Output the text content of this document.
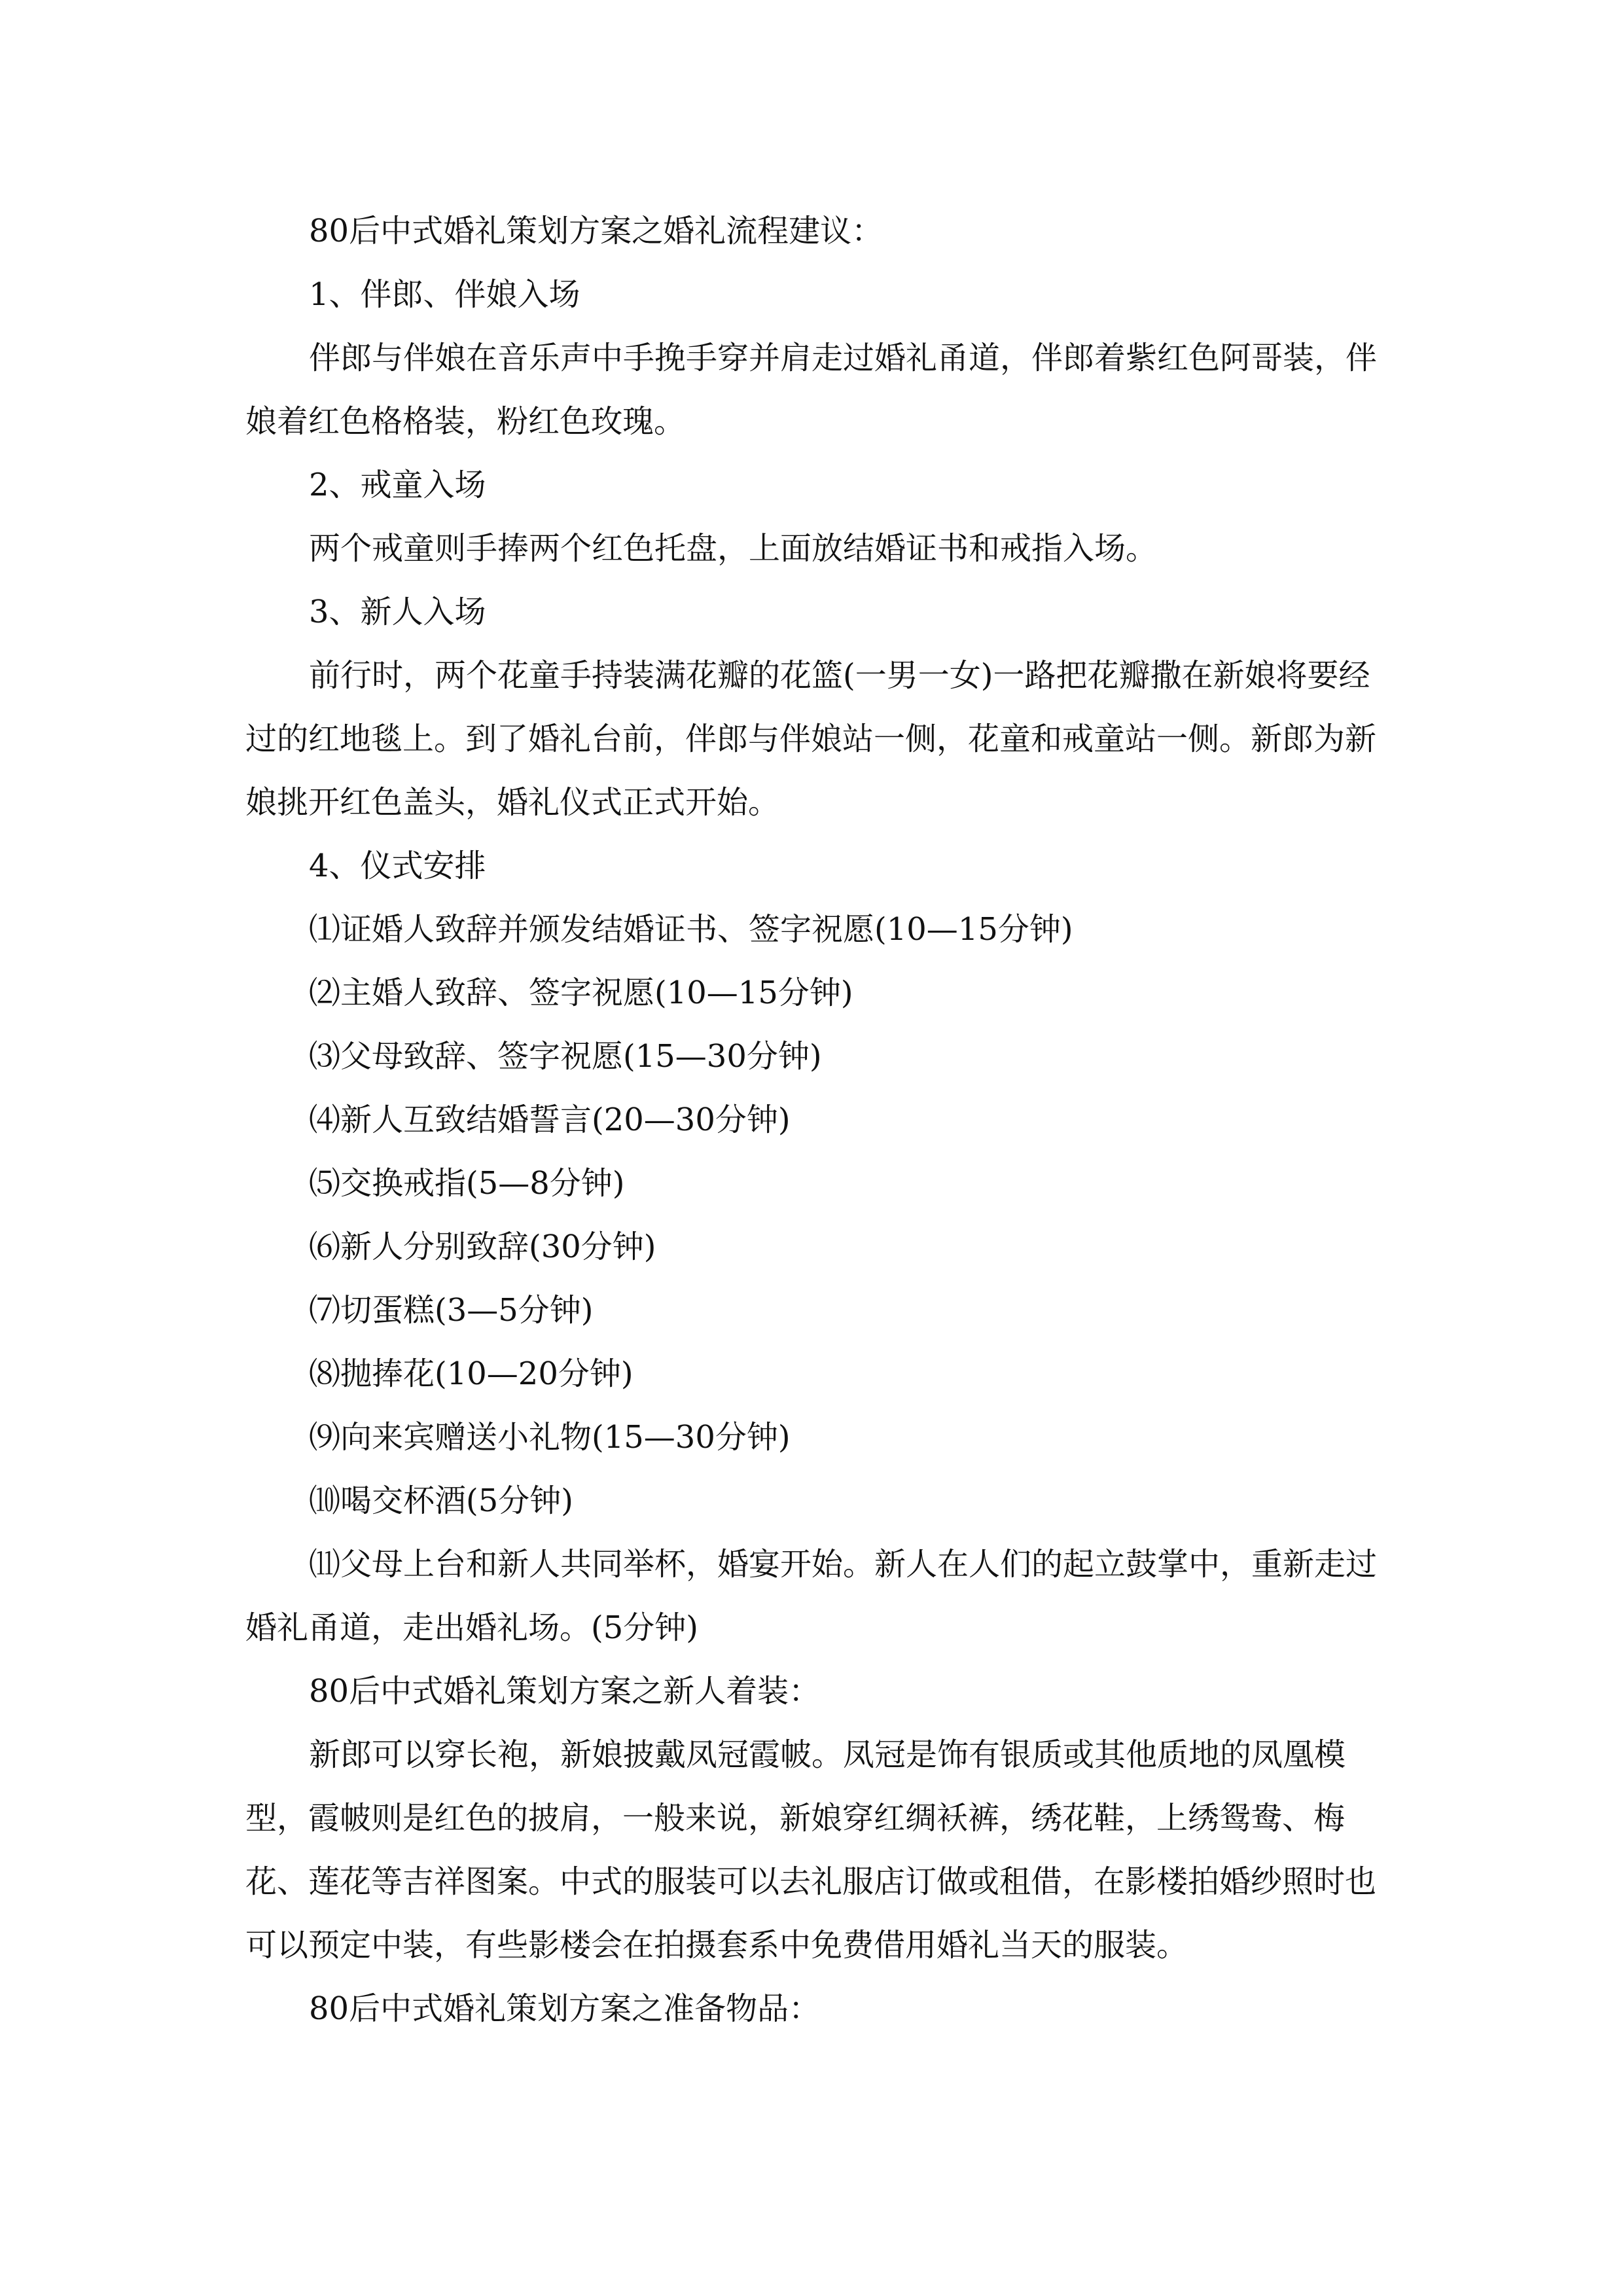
80后中式婚礼策划方案之婚礼流程建议：

1、伴郎、伴娘入场

伴郎与伴娘在音乐声中手挽手穿并肩走过婚礼甬道，伴郎着紫红色阿哥装，伴娘着红色格格装，粉红色玫瑰。

2、戒童入场

两个戒童则手捧两个红色托盘，上面放结婚证书和戒指入场。

3、新人入场

前行时，两个花童手持装满花瓣的花篮(一男一女)一路把花瓣撒在新娘将要经过的红地毯上。到了婚礼台前，伴郎与伴娘站一侧，花童和戒童站一侧。新郎为新娘挑开红色盖头，婚礼仪式正式开始。

4、仪式安排

⑴证婚人致辞并颁发结婚证书、签字祝愿(10—15分钟)

⑵主婚人致辞、签字祝愿(10—15分钟)

⑶父母致辞、签字祝愿(15—30分钟)

⑷新人互致结婚誓言(20—30分钟)

⑸交换戒指(5—8分钟)

⑹新人分别致辞(30分钟)

⑺切蛋糕(3—5分钟)

⑻抛捧花(10—20分钟)

⑼向来宾赠送小礼物(15—30分钟)

⑽喝交杯酒(5分钟)

⑾父母上台和新人共同举杯，婚宴开始。新人在人们的起立鼓掌中，重新走过婚礼甬道，走出婚礼场。(5分钟)

80后中式婚礼策划方案之新人着装：

新郎可以穿长袍，新娘披戴凤冠霞帔。凤冠是饰有银质或其他质地的凤凰模型，霞帔则是红色的披肩，一般来说，新娘穿红绸袄裤，绣花鞋，上绣鸳鸯、梅花、莲花等吉祥图案。中式的服装可以去礼服店订做或租借，在影楼拍婚纱照时也可以预定中装，有些影楼会在拍摄套系中免费借用婚礼当天的服装。

80后中式婚礼策划方案之准备物品：
